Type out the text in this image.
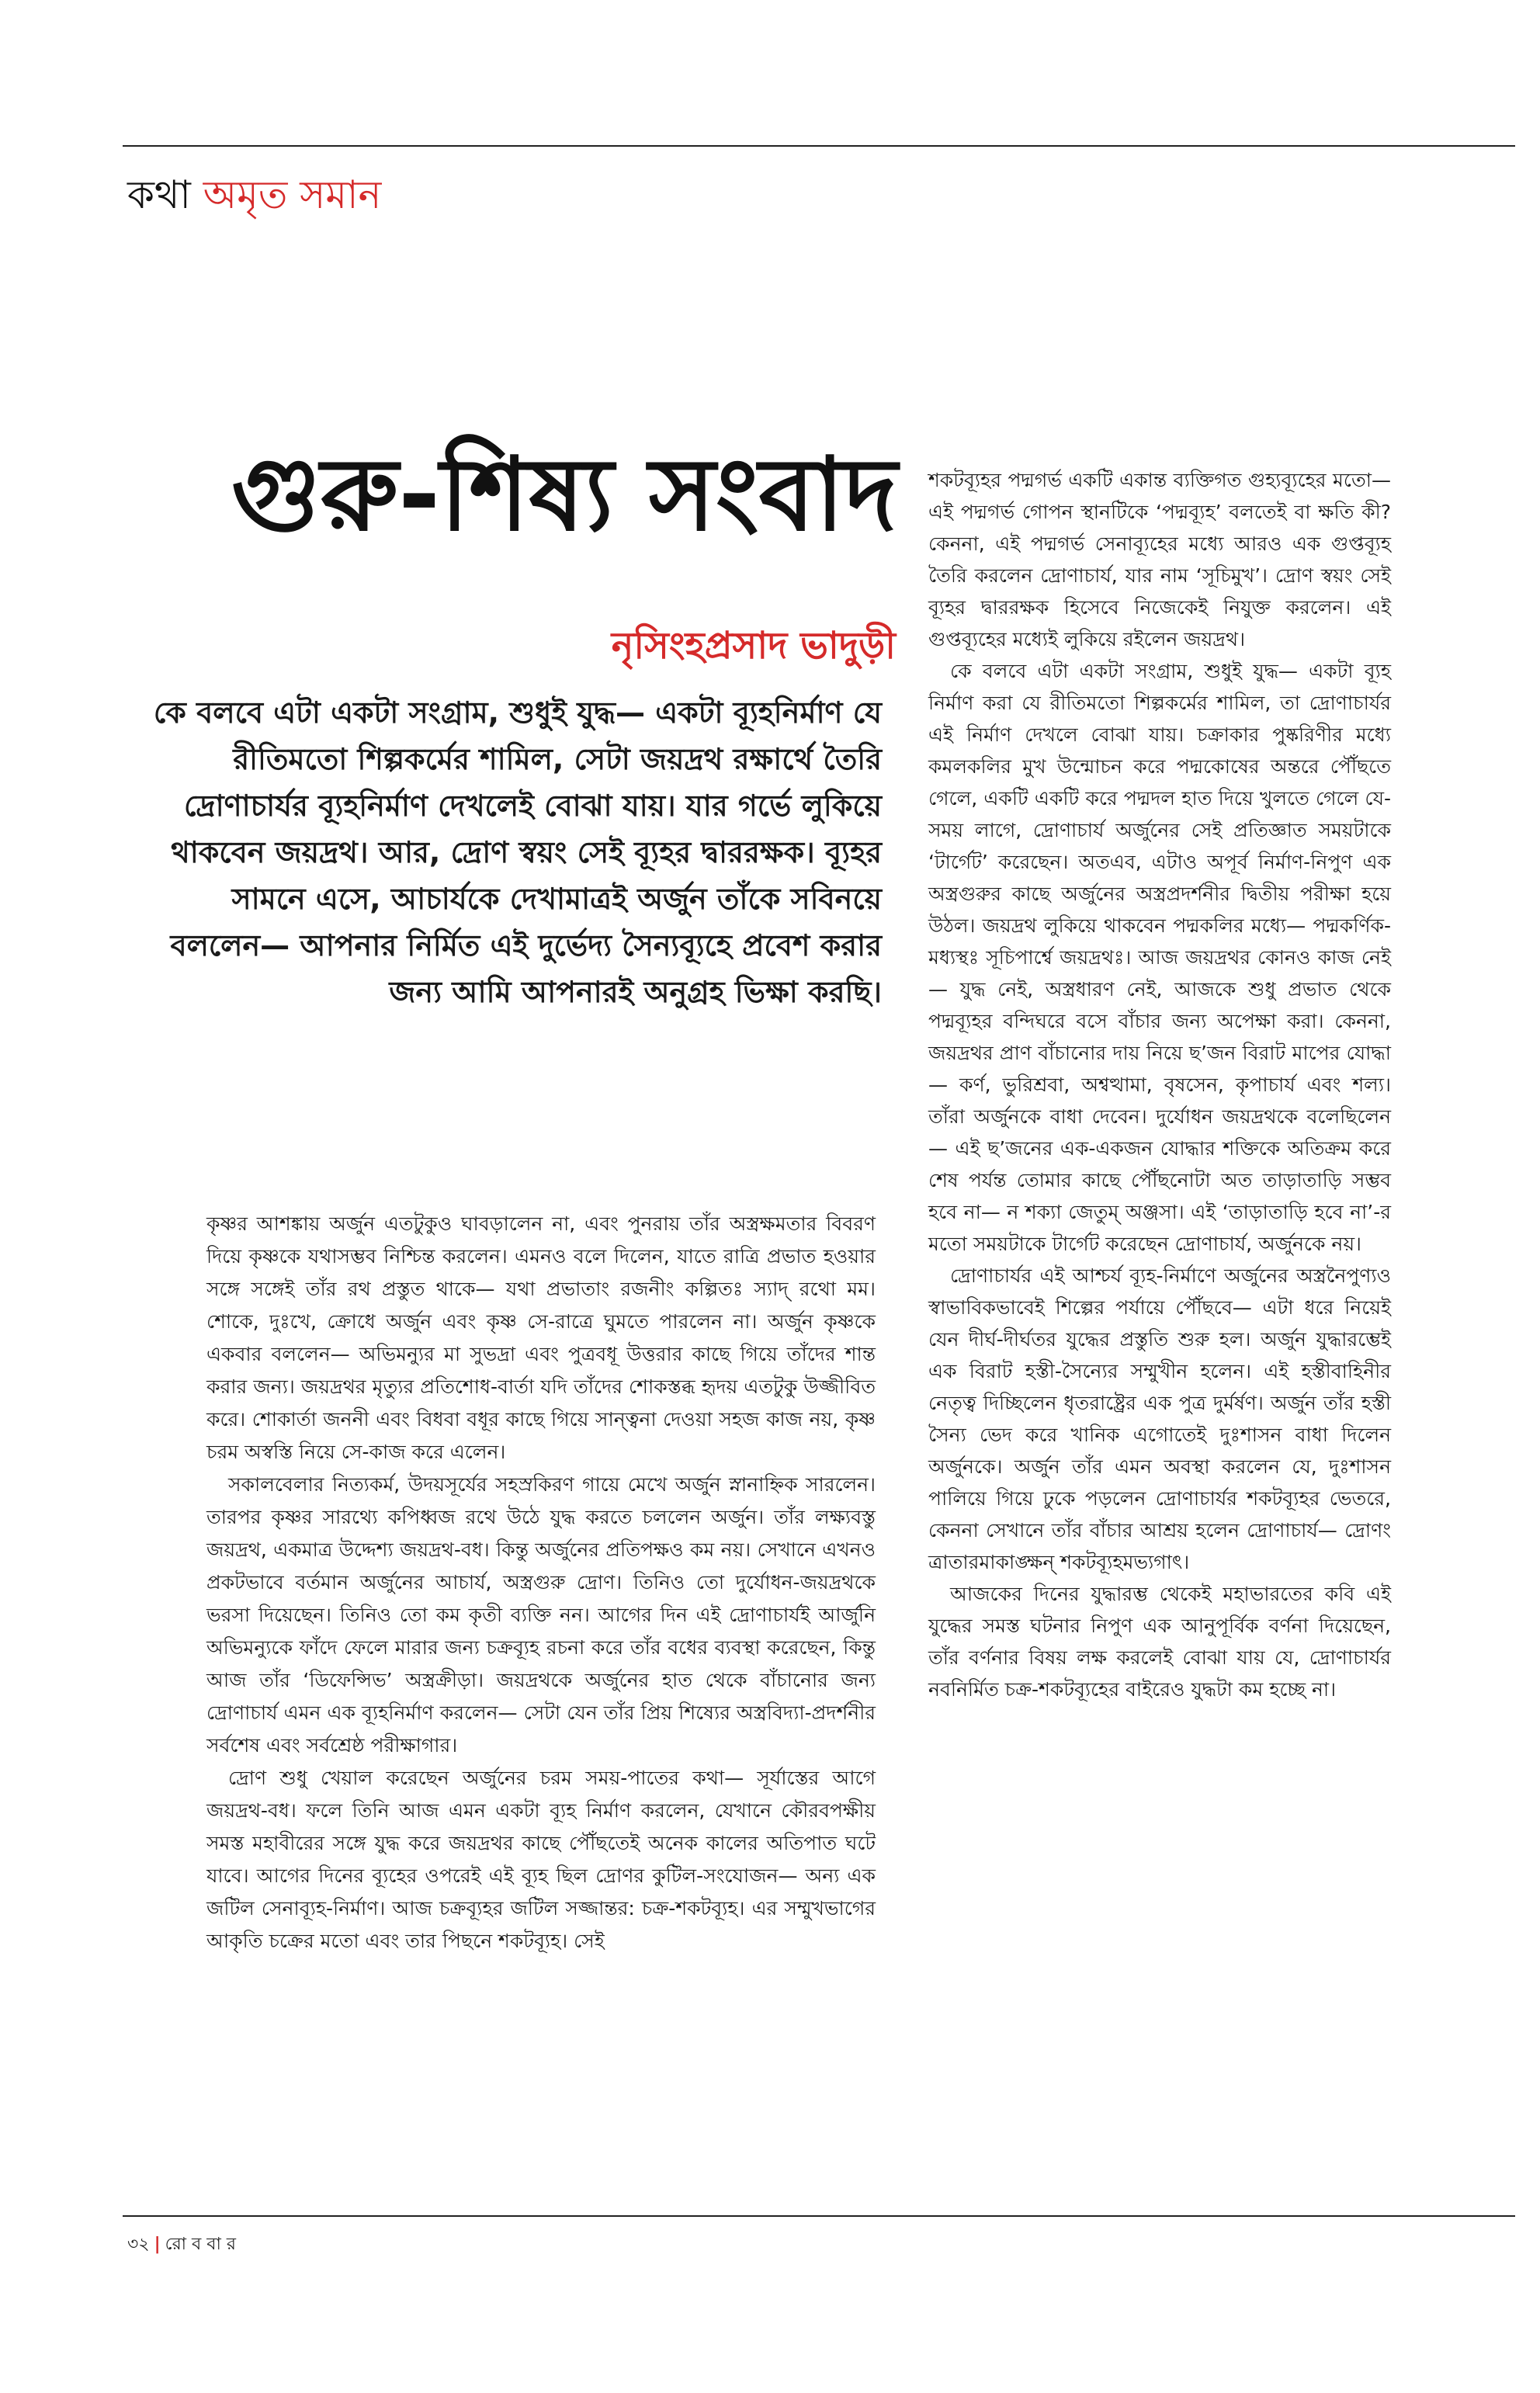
কথা অমৃত সমান
গুরু-শিষ্য সংবাদ
নৃসিংহপ্রসাদ ভাদুড়ী

কে বলবে এটা একটা সংগ্রাম, শুধুই যুদ্ধ— একটা ব্যূহনির্মাণ যে রীতিমতো শিল্পকর্মের শামিল, সেটা জয়দ্রথ রক্ষার্থে তৈরি দ্রোণাচার্যর ব্যূহনির্মাণ দেখলেই বোঝা যায়। যার গর্ভে লুকিয়ে থাকবেন জয়দ্রথ। আর, দ্রোণ স্বয়ং সেই ব্যূহর দ্বাররক্ষক। ব্যূহর সামনে এসে, আচার্যকে দেখামাত্রই অর্জুন তাঁকে সবিনয়ে বললেন— আপনার নির্মিত এই দুর্ভেদ্য সৈন্যব্যূহে প্রবেশ করার জন্য আমি আপনারই অনুগ্রহ ভিক্ষা করছি।

কৃষ্ণর আশঙ্কায় অর্জুন এতটুকুও ঘাবড়ালেন না, এবং পুনরায় তাঁর অস্ত্রক্ষমতার বিবরণ দিয়ে কৃষ্ণকে যথাসম্ভব নিশ্চিন্ত করলেন। এমনও বলে দিলেন, যাতে রাত্রি প্রভাত হওয়ার সঙ্গে সঙ্গেই তাঁর রথ প্রস্তুত থাকে— যথা প্রভাতাং রজনীং কল্পিতঃ স্যাদ্ রথো মম। শোকে, দুঃখে, ক্রোধে অর্জুন এবং কৃষ্ণ সে-রাত্রে ঘুমতে পারলেন না। অর্জুন কৃষ্ণকে একবার বললেন— অভিমন্যুর মা সুভদ্রা এবং পুত্রবধূ উত্তরার কাছে গিয়ে তাঁদের শান্ত করার জন্য। জয়দ্রথর মৃত্যুর প্রতিশোধ-বার্তা যদি তাঁদের শোকস্তব্ধ হৃদয় এতটুকু উজ্জীবিত করে। শোকার্তা জননী এবং বিধবা বধূর কাছে গিয়ে সান্ত্বনা দেওয়া সহজ কাজ নয়, কৃষ্ণ চরম অস্বস্তি নিয়ে সে-কাজ করে এলেন।

সকালবেলার নিত্যকর্ম, উদয়সূর্যের সহস্রকিরণ গায়ে মেখে অর্জুন স্নানাহ্নিক সারলেন। তারপর কৃষ্ণর সারথ্যে কপিধ্বজ রথে উঠে যুদ্ধ করতে চললেন অর্জুন। তাঁর লক্ষ্যবস্তু জয়দ্রথ, একমাত্র উদ্দেশ্য জয়দ্রথ-বধ। কিন্তু অর্জুনের প্রতিপক্ষও কম নয়। সেখানে এখনও প্রকটভাবে বর্তমান অর্জুনের আচার্য, অস্ত্রগুরু দ্রোণ। তিনিও তো দুর্যোধন-জয়দ্রথকে ভরসা দিয়েছেন। তিনিও তো কম কৃতী ব্যক্তি নন। আগের দিন এই দ্রোণাচার্যই আর্জুনি অভিমন্যুকে ফাঁদে ফেলে মারার জন্য চক্রব্যূহ রচনা করে তাঁর বধের ব্যবস্থা করেছেন, কিন্তু আজ তাঁর ‘ডিফেন্সিভ’ অস্ত্রক্রীড়া। জয়দ্রথকে অর্জুনের হাত থেকে বাঁচানোর জন্য দ্রোণাচার্য এমন এক ব্যূহনির্মাণ করলেন— সেটা যেন তাঁর প্রিয় শিষ্যের অস্ত্রবিদ্যা-প্রদর্শনীর সর্বশেষ এবং সর্বশ্রেষ্ঠ পরীক্ষাগার।

দ্রোণ শুধু খেয়াল করেছেন অর্জুনের চরম সময়-পাতের কথা— সূর্যাস্তের আগে জয়দ্রথ-বধ। ফলে তিনি আজ এমন একটা ব্যূহ নির্মাণ করলেন, যেখানে কৌরবপক্ষীয় সমস্ত মহাবীরের সঙ্গে যুদ্ধ করে জয়দ্রথর কাছে পৌঁছতেই অনেক কালের অতিপাত ঘটে যাবে। আগের দিনের ব্যূহের ওপরেই এই ব্যূহ ছিল দ্রোণর কুটিল-সংযোজন— অন্য এক জটিল সেনাব্যূহ-নির্মাণ। আজ চক্রব্যূহর জটিল সজ্জান্তর: চক্র-শকটব্যূহ। এর সম্মুখভাগের আকৃতি চক্রের মতো এবং তার পিছনে শকটব্যূহ। সেই

শকটব্যূহর পদ্মগর্ভ একটি একান্ত ব্যক্তিগত গুহ্যব্যূহের মতো— এই পদ্মগর্ভ গোপন স্থানটিকে ‘পদ্মব্যূহ’ বলতেই বা ক্ষতি কী? কেননা, এই পদ্মগর্ভ সেনাব্যূহের মধ্যে আরও এক গুপ্তব্যূহ তৈরি করলেন দ্রোণাচার্য, যার নাম ‘সূচিমুখ’। দ্রোণ স্বয়ং সেই ব্যূহর দ্বাররক্ষক হিসেবে নিজেকেই নিযুক্ত করলেন। এই গুপ্তব্যূহের মধ্যেই লুকিয়ে রইলেন জয়দ্রথ।

কে বলবে এটা একটা সংগ্রাম, শুধুই যুদ্ধ— একটা ব্যূহ নির্মাণ করা যে রীতিমতো শিল্পকর্মের শামিল, তা দ্রোণাচার্যর এই নির্মাণ দেখলে বোঝা যায়। চক্রাকার পুষ্করিণীর মধ্যে কমলকলির মুখ উন্মোচন করে পদ্মকোষের অন্তরে পৌঁছতে গেলে, একটি একটি করে পদ্মদল হাত দিয়ে খুলতে গেলে যে-সময় লাগে, দ্রোণাচার্য অর্জুনের সেই প্রতিজ্ঞাত সময়টাকে ‘টার্গেট’ করেছেন। অতএব, এটাও অপূর্ব নির্মাণ-নিপুণ এক অস্ত্রগুরুর কাছে অর্জুনের অস্ত্রপ্রদর্শনীর দ্বিতীয় পরীক্ষা হয়ে উঠল। জয়দ্রথ লুকিয়ে থাকবেন পদ্মকলির মধ্যে— পদ্মকর্ণিক-মধ্যস্থঃ সূচিপার্শ্বে জয়দ্রথঃ। আজ জয়দ্রথর কোনও কাজ নেই— যুদ্ধ নেই, অস্ত্রধারণ নেই, আজকে শুধু প্রভাত থেকে পদ্মব্যূহর বন্দিঘরে বসে বাঁচার জন্য অপেক্ষা করা। কেননা, জয়দ্রথর প্রাণ বাঁচানোর দায় নিয়ে ছ’জন বিরাট মাপের যোদ্ধা— কর্ণ, ভুরিশ্রবা, অশ্বত্থামা, বৃষসেন, কৃপাচার্য এবং শল্য। তাঁরা অর্জুনকে বাধা দেবেন। দুর্যোধন জয়দ্রথকে বলেছিলেন— এই ছ’জনের এক-একজন যোদ্ধার শক্তিকে অতিক্রম করে শেষ পর্যন্ত তোমার কাছে পৌঁছনোটা অত তাড়াতাড়ি সম্ভব হবে না— ন শক্যা জেতুম্ অঞ্জসা। এই ‘তাড়াতাড়ি হবে না’-র মতো সময়টাকে টার্গেট করেছেন দ্রোণাচার্য, অর্জুনকে নয়।

দ্রোণাচার্যর এই আশ্চর্য ব্যূহ-নির্মাণে অর্জুনের অস্ত্রনৈপুণ্যও স্বাভাবিকভাবেই শিল্পের পর্যায়ে পৌঁছবে— এটা ধরে নিয়েই যেন দীর্ঘ-দীর্ঘতর যুদ্ধের প্রস্তুতি শুরু হল। অর্জুন যুদ্ধারম্ভেই এক বিরাট হস্তী-সৈন্যের সম্মুখীন হলেন। এই হস্তীবাহিনীর নেতৃত্ব দিচ্ছিলেন ধৃতরাষ্ট্রের এক পুত্র দুর্মর্ষণ। অর্জুন তাঁর হস্তী সৈন্য ভেদ করে খানিক এগোতেই দুঃশাসন বাধা দিলেন অর্জুনকে। অর্জুন তাঁর এমন অবস্থা করলেন যে, দুঃশাসন পালিয়ে গিয়ে ঢুকে পড়লেন দ্রোণাচার্যর শকটব্যূহর ভেতরে, কেননা সেখানে তাঁর বাঁচার আশ্রয় হলেন দ্রোণাচার্য— দ্রোণং ত্রাতারমাকাঙ্ক্ষন্ শকটব্যূহমভ্যগাৎ।

আজকের দিনের যুদ্ধারম্ভ থেকেই মহাভারতের কবি এই যুদ্ধের সমস্ত ঘটনার নিপুণ এক আনুপূর্বিক বর্ণনা দিয়েছেন, তাঁর বর্ণনার বিষয় লক্ষ করলেই বোঝা যায় যে, দ্রোণাচার্যর নবনির্মিত চক্র-শকটব্যূহের বাইরেও যুদ্ধটা কম হচ্ছে না।

৩২ | রো ব বা র
